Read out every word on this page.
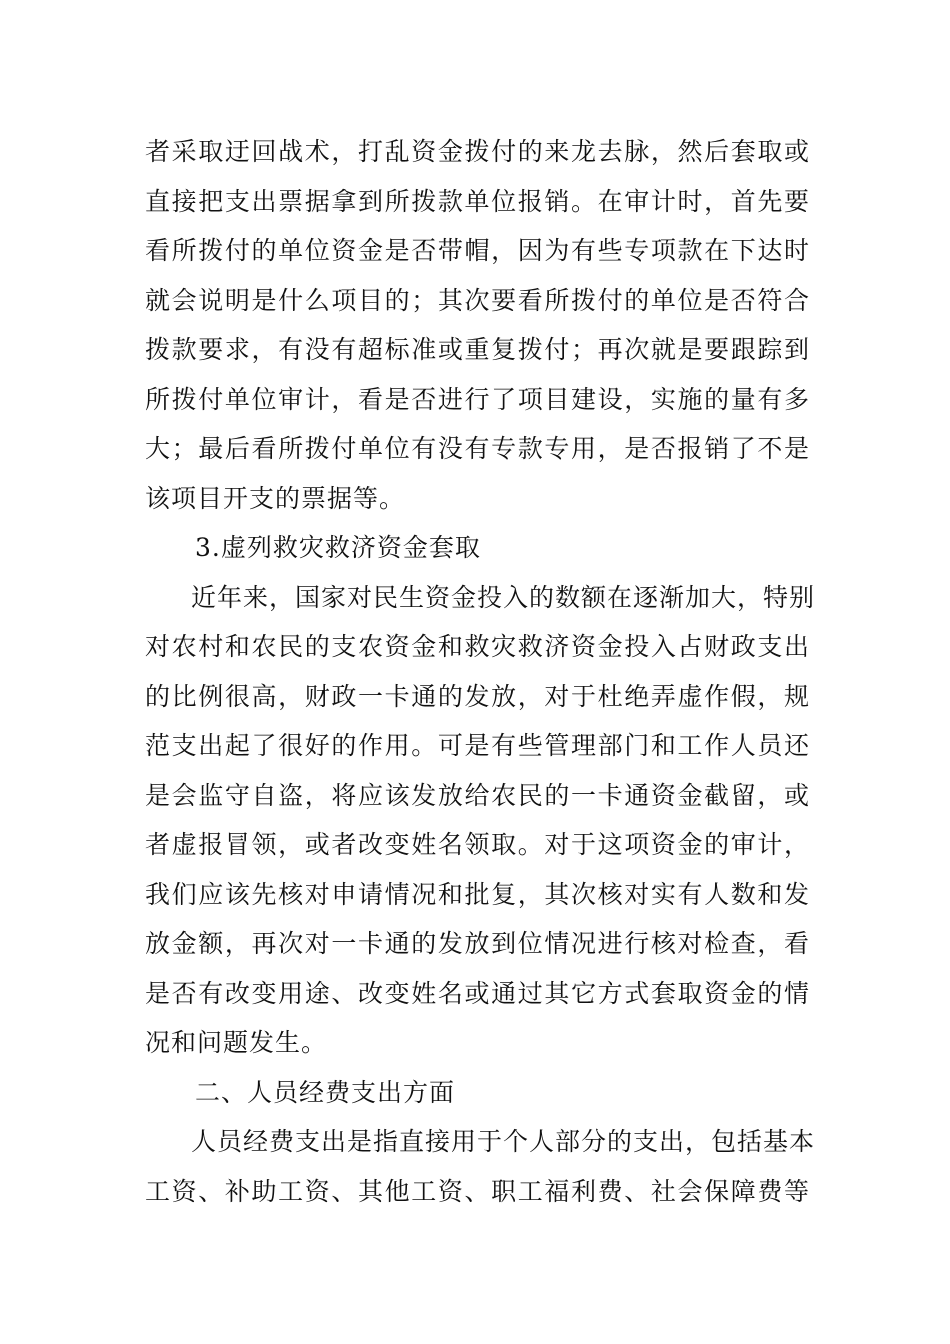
者采取迂回战术，打乱资金拨付的来龙去脉，然后套取或
直接把支出票据拿到所拨款单位报销。在审计时，首先要
看所拨付的单位资金是否带帽，因为有些专项款在下达时
就会说明是什么项目的；其次要看所拨付的单位是否符合
拨款要求，有没有超标准或重复拨付；再次就是要跟踪到
所拨付单位审计，看是否进行了项目建设，实施的量有多
大；最后看所拨付单位有没有专款专用，是否报销了不是
该项目开支的票据等。
3.虚列救灾救济资金套取
近年来，国家对民生资金投入的数额在逐渐加大，特别
对农村和农民的支农资金和救灾救济资金投入占财政支出
的比例很高，财政一卡通的发放，对于杜绝弄虚作假，规
范支出起了很好的作用。可是有些管理部门和工作人员还
是会监守自盗，将应该发放给农民的一卡通资金截留，或
者虚报冒领，或者改变姓名领取。对于这项资金的审计，
我们应该先核对申请情况和批复，其次核对实有人数和发
放金额，再次对一卡通的发放到位情况进行核对检查，看
是否有改变用途、改变姓名或通过其它方式套取资金的情
况和问题发生。
二、人员经费支出方面
人员经费支出是指直接用于个人部分的支出，包括基本
工资、补助工资、其他工资、职工福利费、社会保障费等
